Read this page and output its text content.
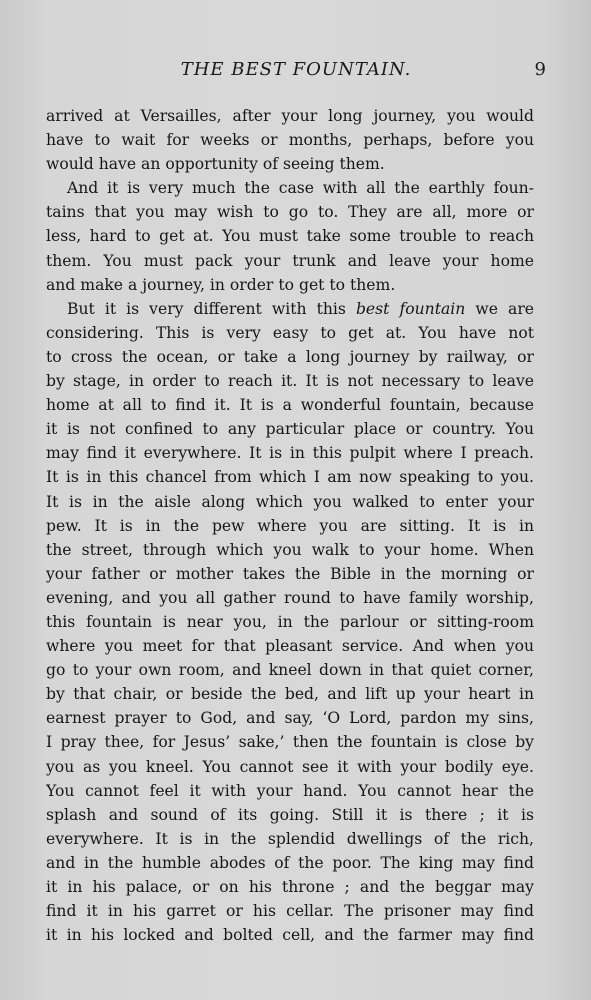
THE BEST FOUNTAIN.	9
arrived at Versailles, after your long journey, you would
have to wait for weeks or months, perhaps, before you
would have an opportunity of seeing them.
And it is very much the case with all the earthly foun-
tains that you may wish to go to. They are all, more or
less, hard to get at. You must take some trouble to reach
them. You must pack your trunk and leave your home
and make a journey, in order to get to them.
But it is very different with this best fountain we are
considering. This is very easy to get at. You have not
to cross the ocean, or take a long journey by railway, or
by stage, in order to reach it. It is not necessary to leave
home at all to find it. It is a wonderful fountain, because
it is not confined to any particular place or country. You
may find it everywhere. It is in this pulpit where I preach.
It is in this chancel from which I am now speaking to you.
It is in the aisle along which you walked to enter your
pew. It is in the pew where you are sitting. It is in
the street, through which you walk to your home. When
your father or mother takes the Bible in the morning or
evening, and you all gather round to have family worship,
this fountain is near you, in the parlour or sitting-room
where you meet for that pleasant service. And when you
go to your own room, and kneel down in that quiet corner,
by that chair, or beside the bed, and lift up your heart in
earnest prayer to God, and say, ‘O Lord, pardon my sins,
I pray thee, for Jesus’ sake,’ then the fountain is close by
you as you kneel. You cannot see it with your bodily eye.
You cannot feel it with your hand. You cannot hear the
splash and sound of its going. Still it is there ; it is
everywhere. It is in the splendid dwellings of the rich,
and in the humble abodes of the poor. The king may find
it in his palace, or on his throne ; and the beggar may
find it in his garret or his cellar. The prisoner may find
it in his locked and bolted cell, and the farmer may find
